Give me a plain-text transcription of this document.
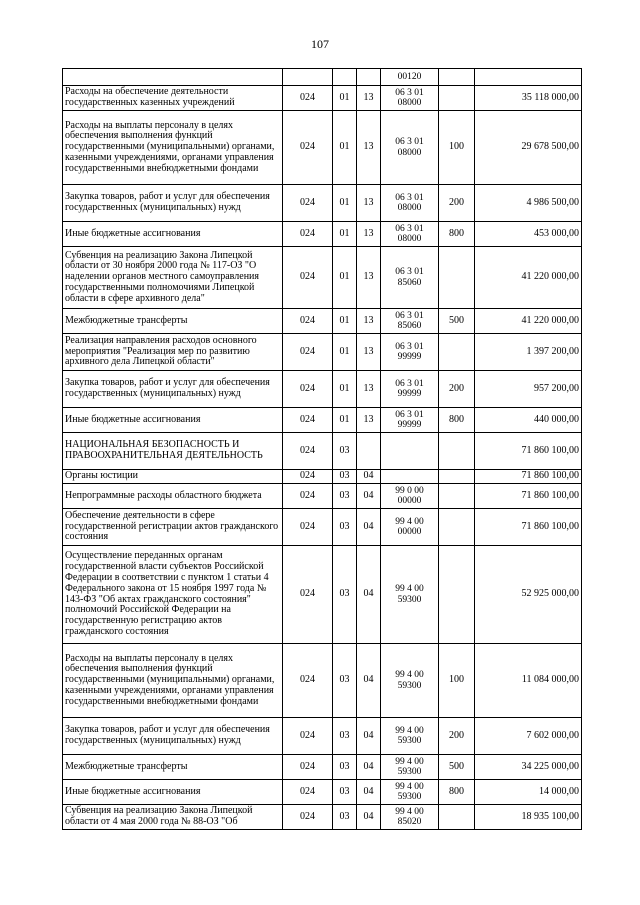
107
				00120		
Расходы на обеспечение деятельности государственных казенных учреждений	024	01	13	06 3 01 08000		35 118 000,00
Расходы на выплаты персоналу в целях обеспечения выполнения функций государственными (муниципальными) органами, казенными учреждениями, органами управления государственными внебюджетными фондами	024	01	13	06 3 01 08000	100	29 678 500,00
Закупка товаров, работ и услуг для обеспечения государственных (муниципальных) нужд	024	01	13	06 3 01 08000	200	4 986 500,00
Иные бюджетные ассигнования	024	01	13	06 3 01 08000	800	453 000,00
Субвенция на реализацию Закона Липецкой области от 30 ноября 2000 года № 117-ОЗ "О наделении органов местного самоуправления государственными полномочиями Липецкой области в сфере архивного дела"	024	01	13	06 3 01 85060		41 220 000,00
Межбюджетные трансферты	024	01	13	06 3 01 85060	500	41 220 000,00
Реализация направления расходов основного мероприятия "Реализация мер по развитию архивного дела Липецкой области"	024	01	13	06 3 01 99999		1 397 200,00
Закупка товаров, работ и услуг для обеспечения государственных (муниципальных) нужд	024	01	13	06 3 01 99999	200	957 200,00
Иные бюджетные ассигнования	024	01	13	06 3 01 99999	800	440 000,00
НАЦИОНАЛЬНАЯ БЕЗОПАСНОСТЬ И ПРАВООХРАНИТЕЛЬНАЯ ДЕЯТЕЛЬНОСТЬ	024	03				71 860 100,00
Органы юстиции	024	03	04			71 860 100,00
Непрограммные расходы областного бюджета	024	03	04	99 0 00 00000		71 860 100,00
Обеспечение деятельности в сфере государственной регистрации актов гражданского состояния	024	03	04	99 4 00 00000		71 860 100,00
Осуществление переданных органам государственной власти субъектов Российской Федерации в соответствии с пунктом 1 статьи 4 Федерального закона от 15 ноября 1997 года № 143-ФЗ "Об актах гражданского состояния" полномочий Российской Федерации на государственную регистрацию актов гражданского состояния	024	03	04	99 4 00 59300		52 925 000,00
Расходы на выплаты персоналу в целях обеспечения выполнения функций государственными (муниципальными) органами, казенными учреждениями, органами управления государственными внебюджетными фондами	024	03	04	99 4 00 59300	100	11 084 000,00
Закупка товаров, работ и услуг для обеспечения государственных (муниципальных) нужд	024	03	04	99 4 00 59300	200	7 602 000,00
Межбюджетные трансферты	024	03	04	99 4 00 59300	500	34 225 000,00
Иные бюджетные ассигнования	024	03	04	99 4 00 59300	800	14 000,00
Субвенция на реализацию Закона Липецкой области от 4 мая 2000 года № 88-ОЗ "Об	024	03	04	99 4 00 85020		18 935 100,00
